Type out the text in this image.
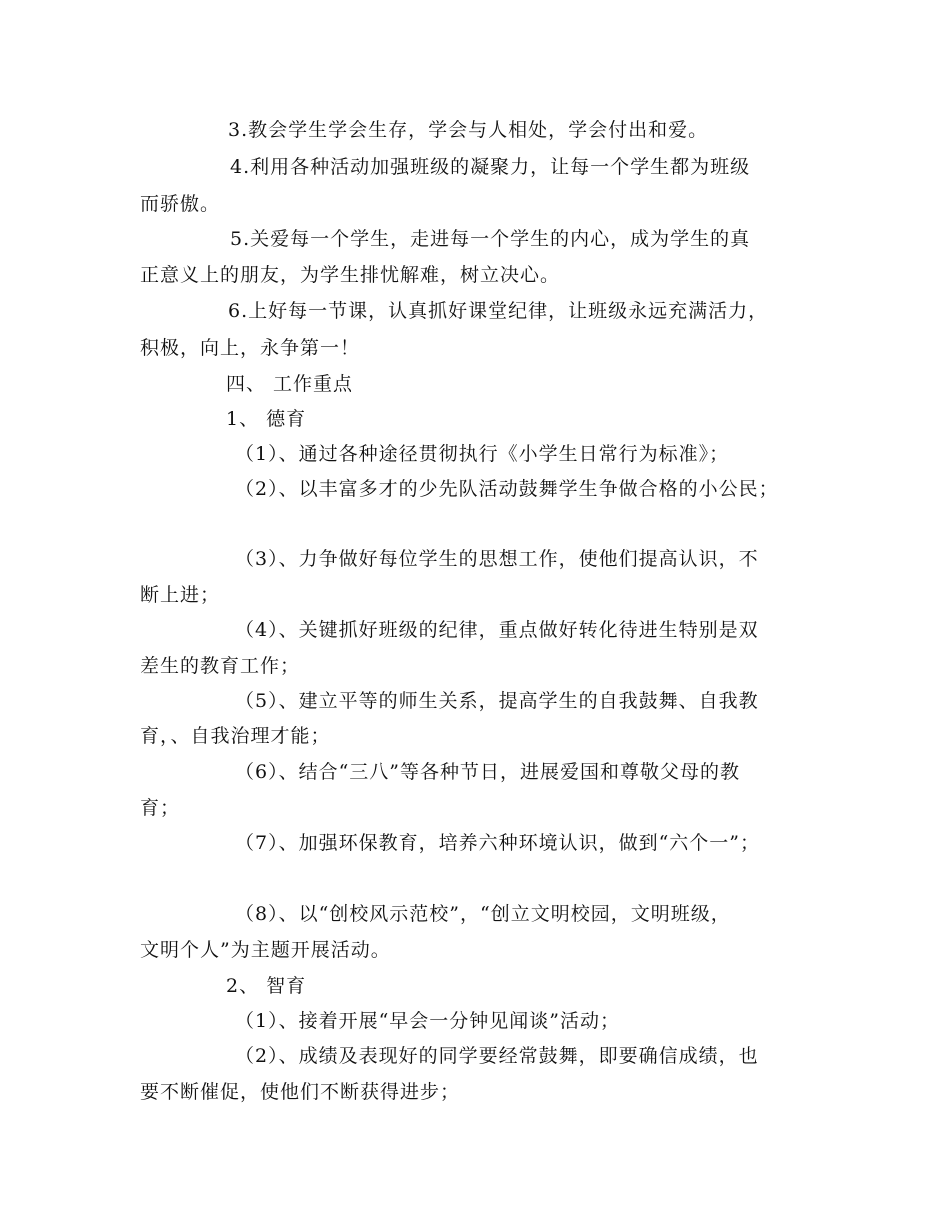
3.教会学生学会生存，学会与人相处，学会付出和爱。
4.利用各种活动加强班级的凝聚力，让每一个学生都为班级
而骄傲。
5.关爱每一个学生，走进每一个学生的内心，成为学生的真
正意义上的朋友，为学生排忧解难，树立决心。
6.上好每一节课，认真抓好课堂纪律，让班级永远充满活力，
积极，向上，永争第一！
四、 工作重点
1、 德育
（1）、通过各种途径贯彻执行《小学生日常行为标准》；
（2）、以丰富多才的少先队活动鼓舞学生争做合格的小公民；
（3）、力争做好每位学生的思想工作，使他们提高认识，不
断上进；
（4）、关键抓好班级的纪律，重点做好转化待进生特别是双
差生的教育工作；
（5）、建立平等的师生关系，提高学生的自我鼓舞、自我教
育，、自我治理才能；
（6）、结合“三八”等各种节日，进展爱国和尊敬父母的教
育；
（7）、加强环保教育，培养六种环境认识，做到“六个一”；
（8）、以“创校风示范校”，“创立文明校园，文明班级，
文明个人”为主题开展活动。
2、 智育
（1）、接着开展“早会一分钟见闻谈”活动；
（2）、成绩及表现好的同学要经常鼓舞，即要确信成绩，也
要不断催促，使他们不断获得进步；
